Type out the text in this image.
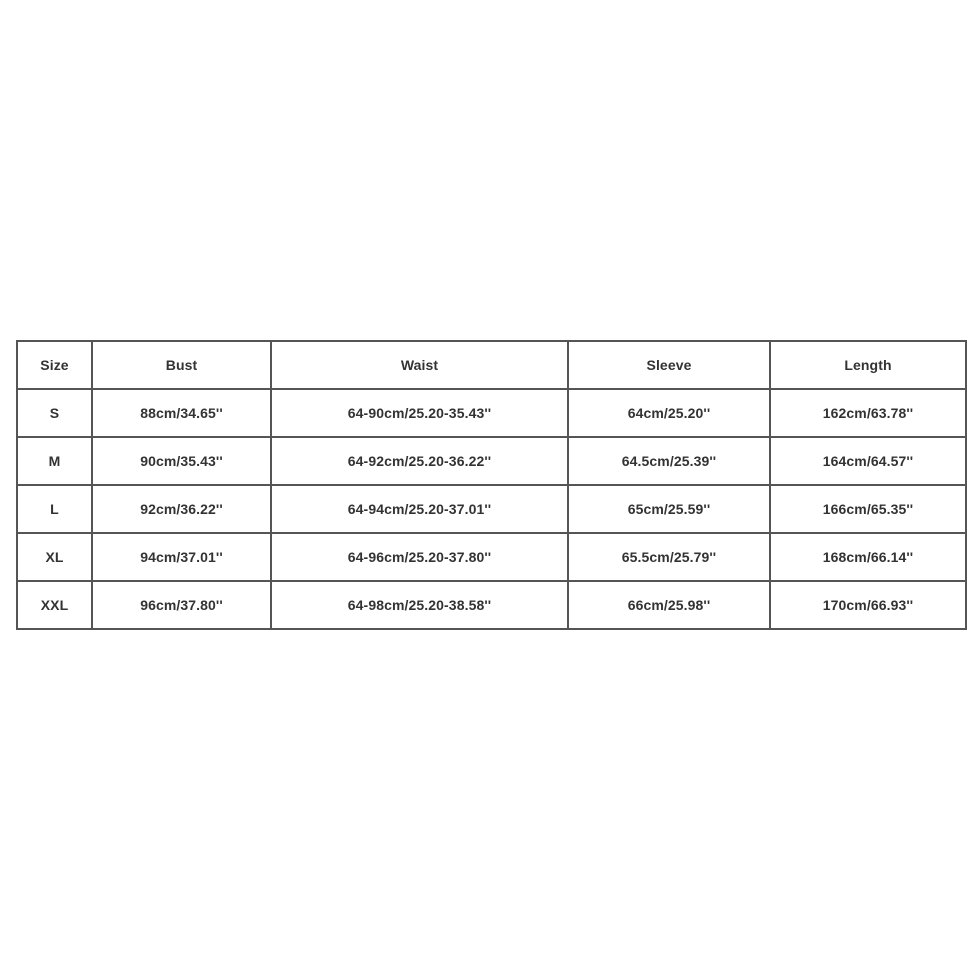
Size	Bust	Waist	Sleeve	Length
S	88cm/34.65''	64-90cm/25.20-35.43''	64cm/25.20''	162cm/63.78''
M	90cm/35.43''	64-92cm/25.20-36.22''	64.5cm/25.39''	164cm/64.57''
L	92cm/36.22''	64-94cm/25.20-37.01''	65cm/25.59''	166cm/65.35''
XL	94cm/37.01''	64-96cm/25.20-37.80''	65.5cm/25.79''	168cm/66.14''
XXL	96cm/37.80''	64-98cm/25.20-38.58''	66cm/25.98''	170cm/66.93''
